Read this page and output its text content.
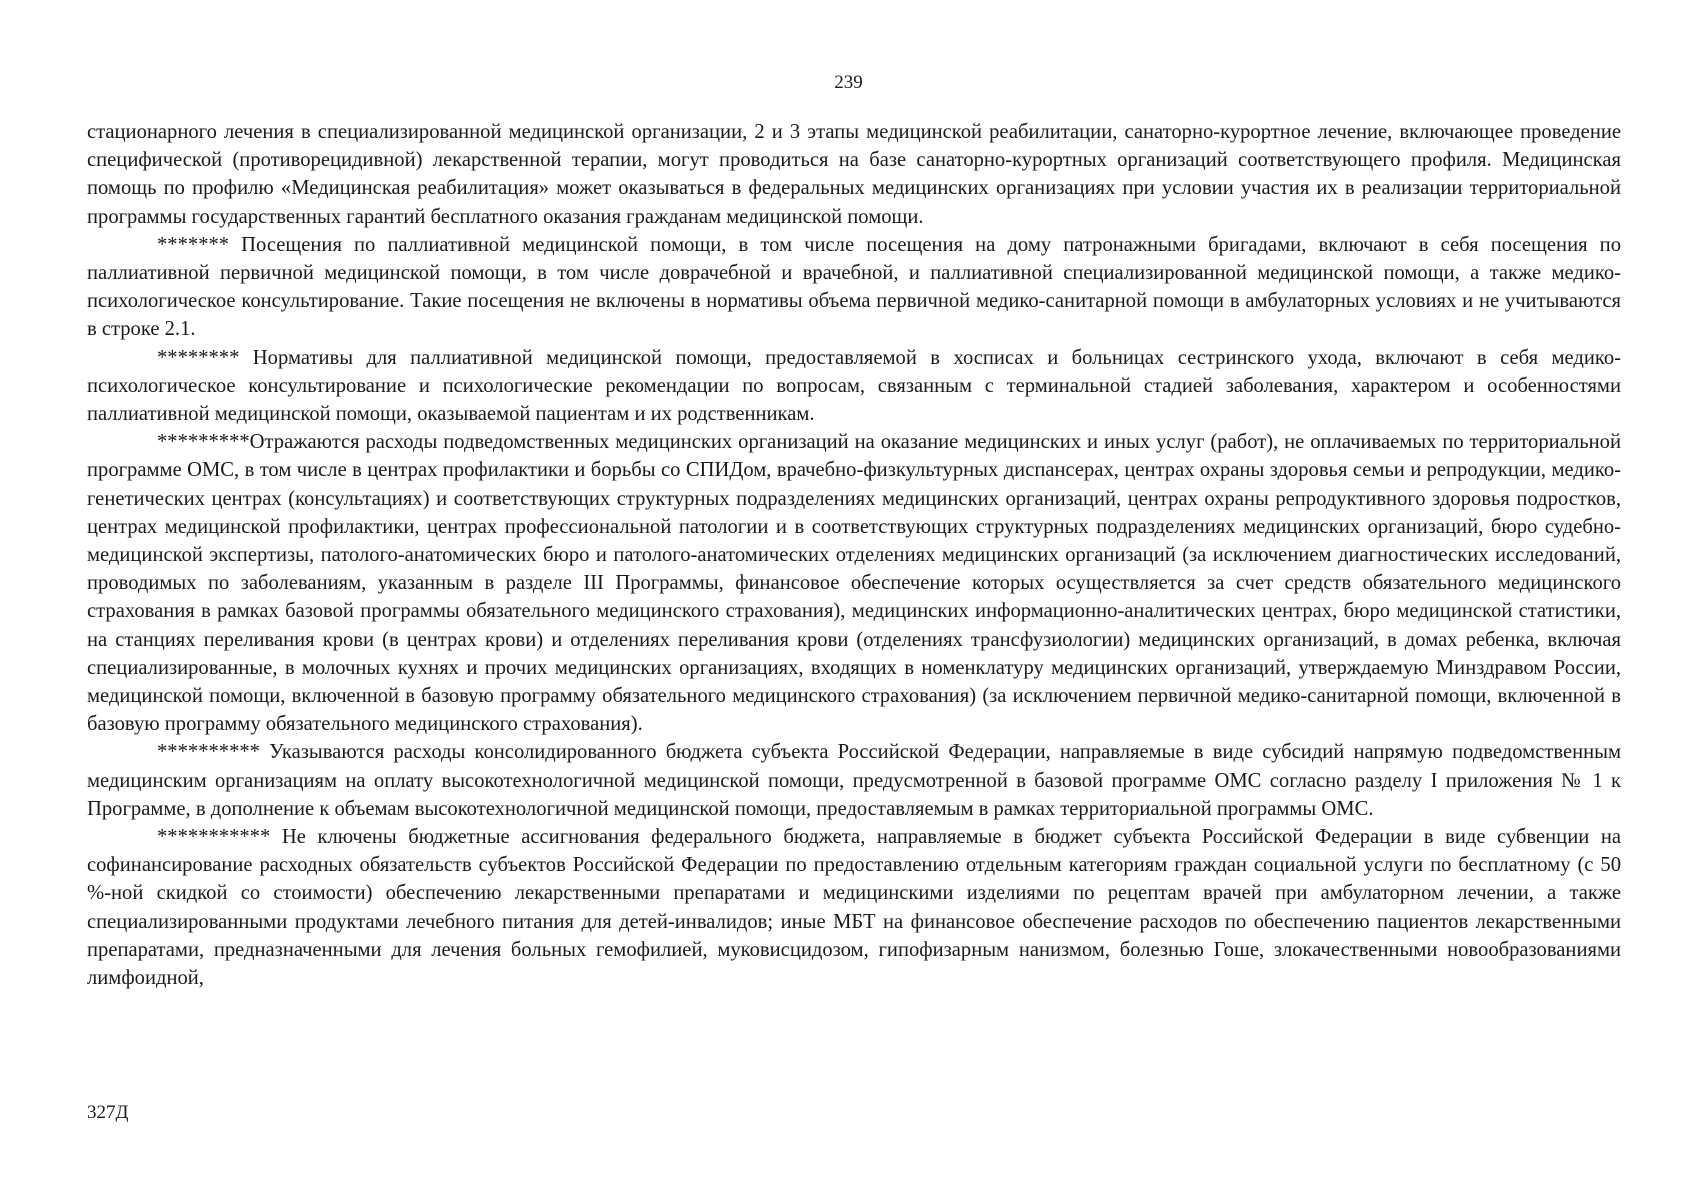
239

стационарного лечения в специализированной медицинской организации, 2 и 3 этапы медицинской реабилитации, санаторно-курортное лечение, включающее проведение специфической (противорецидивной) лекарственной терапии, могут проводиться на базе санаторно-курортных организаций соответствующего профиля. Медицинская помощь по профилю «Медицинская реабилитация» может оказываться в федеральных медицинских организациях при условии участия их в реализации территориальной программы государственных гарантий бесплатного оказания гражданам медицинской помощи.

******* Посещения по паллиативной медицинской помощи, в том числе посещения на дому патронажными бригадами, включают в себя посещения по паллиативной первичной медицинской помощи, в том числе доврачебной и врачебной, и паллиативной специализированной медицинской помощи, а также медико-психологическое консультирование. Такие посещения не включены в нормативы объема первичной медико-санитарной помощи в амбулаторных условиях и не учитываются в строке 2.1.

******** Нормативы для паллиативной медицинской помощи, предоставляемой в хосписах и больницах сестринского ухода, включают в себя медико-психологическое консультирование и психологические рекомендации по вопросам, связанным с терминальной стадией заболевания, характером и особенностями паллиативной медицинской помощи, оказываемой пациентам и их родственникам.

*********Отражаются расходы подведомственных медицинских организаций на оказание медицинских и иных услуг (работ), не оплачиваемых по территориальной программе ОМС, в том числе в центрах профилактики и борьбы со СПИДом, врачебно-физкультурных диспансерах, центрах охраны здоровья семьи и репродукции, медико-генетических центрах (консультациях) и соответствующих структурных подразделениях медицинских организаций, центрах охраны репродуктивного здоровья подростков, центрах медицинской профилактики, центрах профессиональной патологии и в соответствующих структурных подразделениях медицинских организаций, бюро судебно-медицинской экспертизы, патолого-анатомических бюро и патолого-анатомических отделениях медицинских организаций (за исключением диагностических исследований, проводимых по заболеваниям, указанным в разделе III Программы, финансовое обеспечение которых осуществляется за счет средств обязательного медицинского страхования в рамках базовой программы обязательного медицинского страхования), медицинских информационно-аналитических центрах, бюро медицинской статистики, на станциях переливания крови (в центрах крови) и отделениях переливания крови (отделениях трансфузиологии) медицинских организаций, в домах ребенка, включая специализированные, в молочных кухнях и прочих медицинских организациях, входящих в номенклатуру медицинских организаций, утверждаемую Минздравом России, медицинской помощи, включенной в базовую программу обязательного медицинского страхования) (за исключением первичной медико-санитарной помощи, включенной в базовую программу обязательного медицинского страхования).

********** Указываются расходы консолидированного бюджета субъекта Российской Федерации, направляемые в виде субсидий напрямую подведомственным медицинским организациям на оплату высокотехнологичной медицинской помощи, предусмотренной в базовой программе ОМС согласно разделу I приложения № 1 к Программе, в дополнение к объемам высокотехнологичной медицинской помощи, предоставляемым в рамках территориальной программы ОМС.

*********** Не ключены бюджетные ассигнования федерального бюджета, направляемые в бюджет субъекта Российской Федерации в виде субвенции на софинансирование расходных обязательств субъектов Российской Федерации по предоставлению отдельным категориям граждан социальной услуги по бесплатному (с 50 %-ной скидкой со стоимости) обеспечению лекарственными препаратами и медицинскими изделиями по рецептам врачей при амбулаторном лечении, а также специализированными продуктами лечебного питания для детей-инвалидов; иные МБТ на финансовое обеспечение расходов по обеспечению пациентов лекарственными препаратами, предназначенными для лечения больных гемофилией, муковисцидозом, гипофизарным нанизмом, болезнью Гоше, злокачественными новообразованиями лимфоидной,

327Д
